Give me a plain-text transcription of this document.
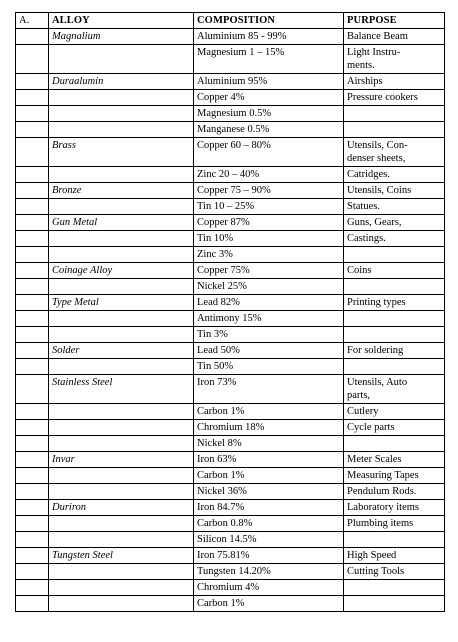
A.	ALLOY	COMPOSITION	PURPOSE
	Magnalium	Aluminium 85 - 99%	Balance Beam
		Magnesium 1 – 15%	Light Instru-
ments.
	Duraalumin	Aluminium 95%	Airships
		Copper 4%	Pressure cookers
		Magnesium 0.5%	
		Manganese 0.5%	
	Brass	Copper 60 – 80%	Utensils, Con-
denser sheets,
		Zinc 20 – 40%	Catridges.
	Bronze	Copper 75 – 90%	Utensils, Coins
		Tin 10 – 25%	Statues.
	Gun Metal	Copper 87%	Guns, Gears,
		Tin 10%	Castings.
		Zinc 3%	
	Coinage Alloy	Copper 75%	Coins
		Nickel 25%	
	Type Metal	Lead 82%	Printing types
		Antimony 15%	
		Tin 3%	
	Solder	Lead 50%	For soldering
		Tin 50%	
	Stainless Steel	Iron 73%	Utensils, Auto
parts,
		Carbon 1%	Cutlery
		Chromium 18%	Cycle parts
		Nickel 8%	
	Invar	Iron 63%	Meter Scales
		Carbon 1%	Measuring Tapes
		Nickel 36%	Pendulum Rods.
	Duriron	Iron 84.7%	Laboratory items
		Carbon 0.8%	Plumbing items
		Silicon 14.5%	
	Tungsten Steel	Iron 75.81%	High Speed
		Tungsten 14.20%	Cutting Tools
		Chromium 4%	
		Carbon 1%	
